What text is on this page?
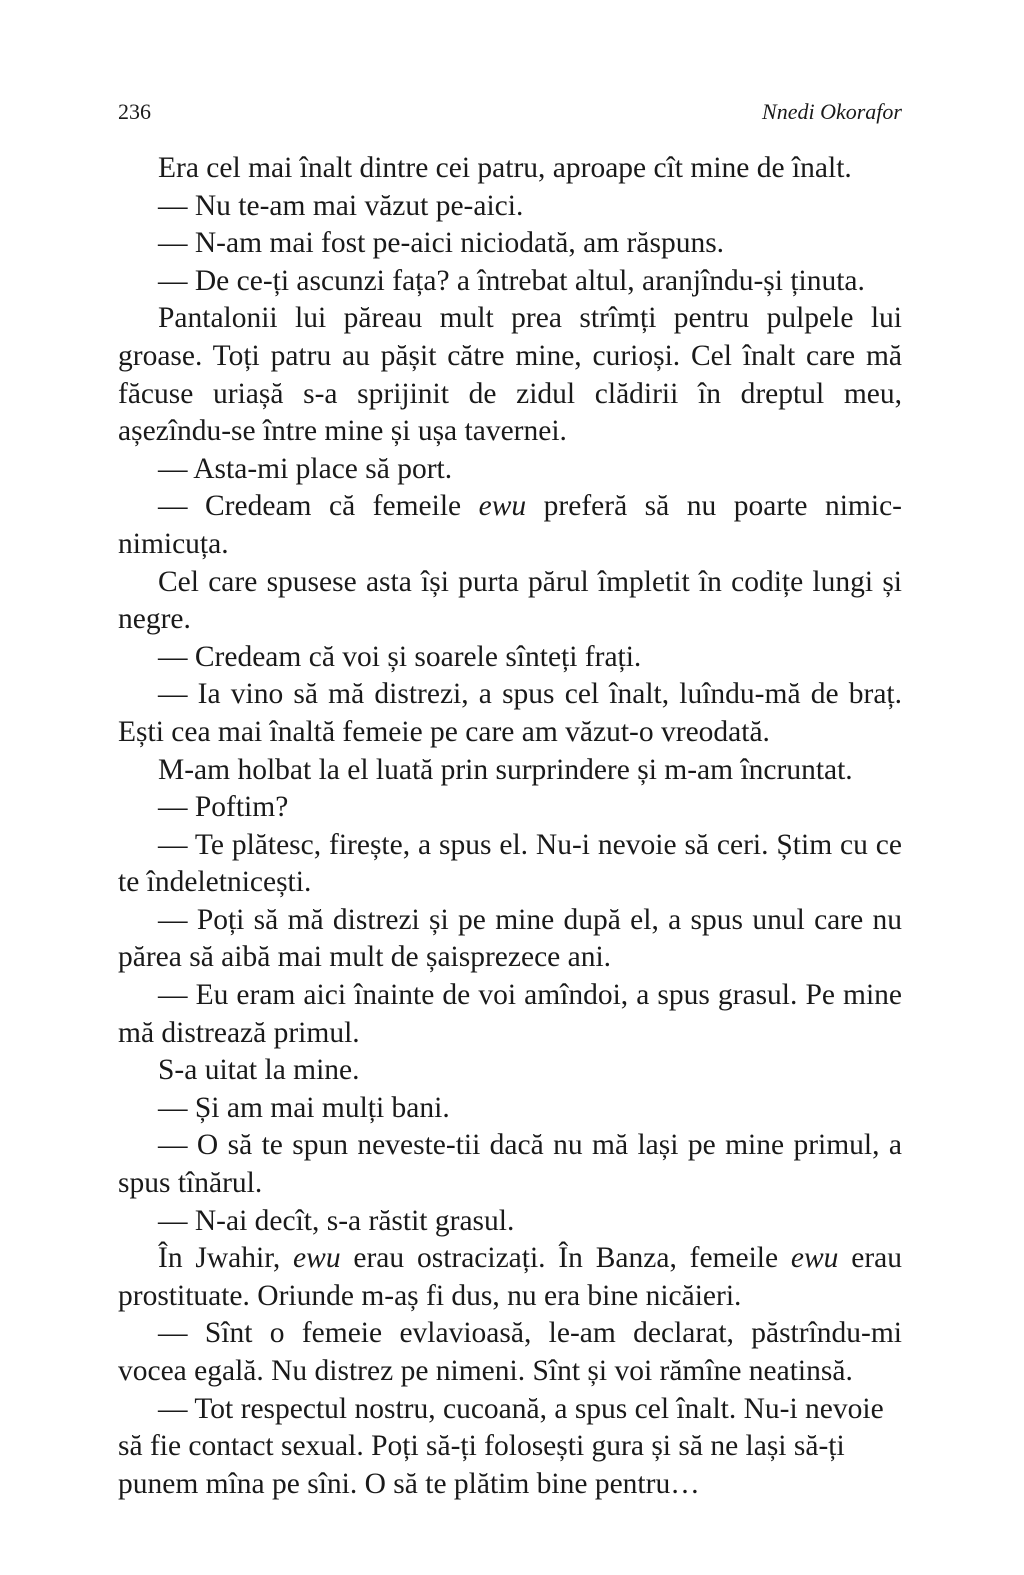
236	Nnedi Okorafor

Era cel mai înalt dintre cei patru, aproape cît mine de înalt.

— Nu te-am mai văzut pe-aici.

— N-am mai fost pe-aici niciodată, am răspuns.

— De ce-ți ascunzi fața? a întrebat altul, aranjîndu-și ținuta.

Pantalonii lui păreau mult prea strîmți pentru pulpele lui groase. Toți patru au pășit către mine, curioși. Cel înalt care mă făcuse uriașă s-a sprijinit de zidul clădirii în dreptul meu, așezîndu-se între mine și ușa tavernei.

— Asta-mi place să port.

— Credeam că femeile ewu preferă să nu poarte nimic-nimicuța.

Cel care spusese asta își purta părul împletit în codițe lungi și negre.

— Credeam că voi și soarele sînteți frați.

— Ia vino să mă distrezi, a spus cel înalt, luîndu-mă de braț. Ești cea mai înaltă femeie pe care am văzut-o vreodată.

M-am holbat la el luată prin surprindere și m-am încruntat.

— Poftim?

— Te plătesc, firește, a spus el. Nu-i nevoie să ceri. Știm cu ce te îndeletnicești.

— Poți să mă distrezi și pe mine după el, a spus unul care nu părea să aibă mai mult de șaisprezece ani.

— Eu eram aici înainte de voi amîndoi, a spus grasul. Pe mine mă distrează primul.

S-a uitat la mine.

— Și am mai mulți bani.

— O să te spun neveste-tii dacă nu mă lași pe mine primul, a spus tînărul.

— N-ai decît, s-a răstit grasul.

În Jwahir, ewu erau ostracizați. În Banza, femeile ewu erau prostituate. Oriunde m-aș fi dus, nu era bine nicăieri.

— Sînt o femeie evlavioasă, le-am declarat, păstrîndu-mi vocea egală. Nu distrez pe nimeni. Sînt și voi rămîne neatinsă.

— Tot respectul nostru, cucoană, a spus cel înalt. Nu-i nevoie să fie contact sexual. Poți să-ți folosești gura și să ne lași să-ți punem mîna pe sîni. O să te plătim bine pentru…
